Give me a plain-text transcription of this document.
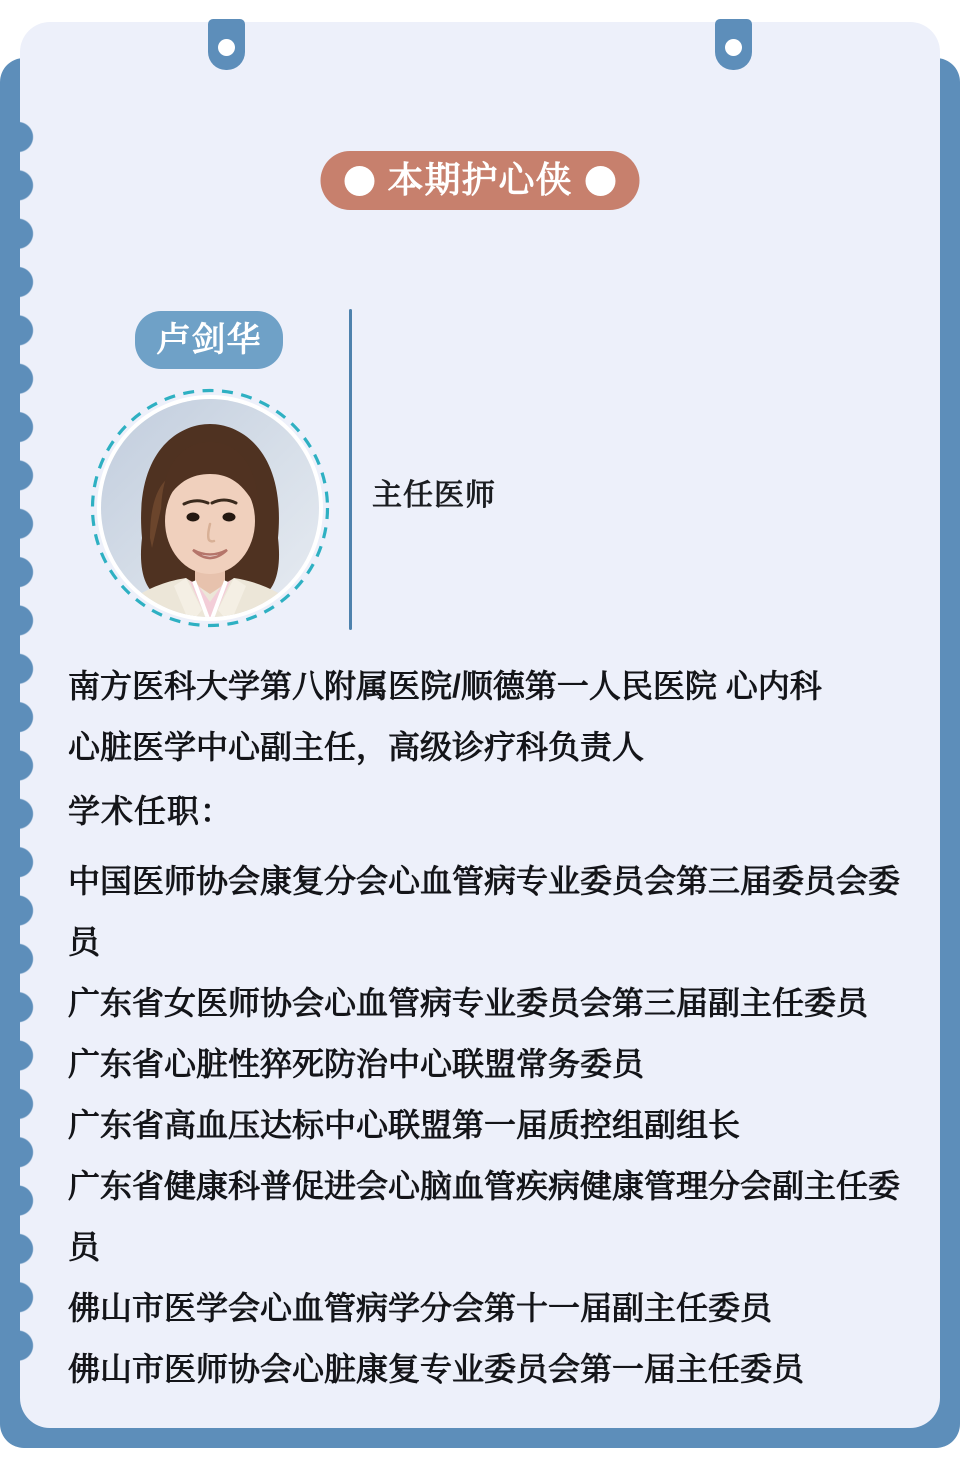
本期护心侠
卢剑华
主任医师
南方医科大学第八附属医院/顺德第一人民医院 心内科
心脏医学中心副主任，高级诊疗科负责人
学术任职：
中国医师协会康复分会心血管病专业委员会第三届委员会委员
广东省女医师协会心血管病专业委员会第三届副主任委员
广东省心脏性猝死防治中心联盟常务委员
广东省高血压达标中心联盟第一届质控组副组长
广东省健康科普促进会心脑血管疾病健康管理分会副主任委员
佛山市医学会心血管病学分会第十一届副主任委员
佛山市医师协会心脏康复专业委员会第一届主任委员
